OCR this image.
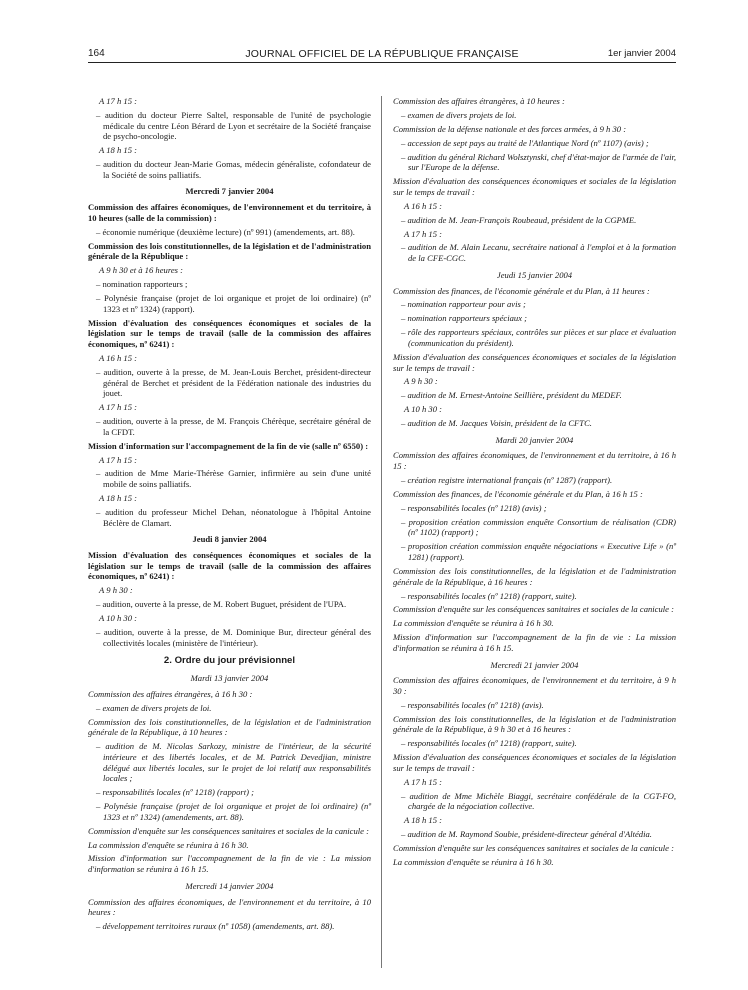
164	JOURNAL OFFICIEL DE LA RÉPUBLIQUE FRANÇAISE	1er janvier 2004

A 17 h 15 :

– audition du docteur Pierre Saltel, responsable de l'unité de psychologie médicale du centre Léon Bérard de Lyon et secrétaire de la Société française de psycho-oncologie.

A 18 h 15 :

– audition du docteur Jean-Marie Gomas, médecin généraliste, cofondateur de la Société de soins palliatifs.

Mercredi 7 janvier 2004

Commission des affaires économiques, de l'environnement et du territoire, à 10 heures (salle de la commission) :

– économie numérique (deuxième lecture) (nº 991) (amendements, art. 88).

Commission des lois constitutionnelles, de la législation et de l'administration générale de la République :

A 9 h 30 et à 16 heures :

– nomination rapporteurs ;

– Polynésie française (projet de loi organique et projet de loi ordinaire) (nº 1323 et nº 1324) (rapport).

Mission d'évaluation des conséquences économiques et sociales de la législation sur le temps de travail (salle de la commission des affaires économiques, nº 6241) :

A 16 h 15 :

– audition, ouverte à la presse, de M. Jean-Louis Berchet, président-directeur général de Berchet et président de la Fédération nationale des industries du jouet.

A 17 h 15 :

– audition, ouverte à la presse, de M. François Chérèque, secrétaire général de la CFDT.

Mission d'information sur l'accompagnement de la fin de vie (salle nº 6550) :

A 17 h 15 :

– audition de Mme Marie-Thérèse Garnier, infirmière au sein d'une unité mobile de soins palliatifs.

A 18 h 15 :

– audition du professeur Michel Dehan, néonatologue à l'hôpital Antoine Béclère de Clamart.

Jeudi 8 janvier 2004

Mission d'évaluation des conséquences économiques et sociales de la législation sur le temps de travail (salle de la commission des affaires économiques, nº 6241) :

A 9 h 30 :

– audition, ouverte à la presse, de M. Robert Buguet, président de l'UPA.

A 10 h 30 :

– audition, ouverte à la presse, de M. Dominique Bur, directeur général des collectivités locales (ministère de l'intérieur).

2. Ordre du jour prévisionnel

Mardi 13 janvier 2004

Commission des affaires étrangères, à 16 h 30 :

– examen de divers projets de loi.

Commission des lois constitutionnelles, de la législation et de l'administration générale de la République, à 10 heures :

– audition de M. Nicolas Sarkozy, ministre de l'intérieur, de la sécurité intérieure et des libertés locales, et de M. Patrick Devedjian, ministre délégué aux libertés locales, sur le projet de loi relatif aux responsabilités locales ;

– responsabilités locales (nº 1218) (rapport) ;

– Polynésie française (projet de loi organique et projet de loi ordinaire) (nº 1323 et nº 1324) (amendements, art. 88).

Commission d'enquête sur les conséquences sanitaires et sociales de la canicule :

La commission d'enquête se réunira à 16 h 30.

Mission d'information sur l'accompagnement de la fin de vie : La mission d'information se réunira à 16 h 15.

Mercredi 14 janvier 2004

Commission des affaires économiques, de l'environnement et du territoire, à 10 heures :

– développement territoires ruraux (nº 1058) (amendements, art. 88).

Commission des affaires étrangères, à 10 heures :

– examen de divers projets de loi.

Commission de la défense nationale et des forces armées, à 9 h 30 :

– accession de sept pays au traité de l'Atlantique Nord (nº 1107) (avis) ;

– audition du général Richard Wolsztynski, chef d'état-major de l'armée de l'air, sur l'Europe de la défense.

Mission d'évaluation des conséquences économiques et sociales de la législation sur le temps de travail :

A 16 h 15 :

– audition de M. Jean-François Roubeaud, président de la CGPME.

A 17 h 15 :

– audition de M. Alain Lecanu, secrétaire national à l'emploi et à la formation de la CFE-CGC.

Jeudi 15 janvier 2004

Commission des finances, de l'économie générale et du Plan, à 11 heures :

– nomination rapporteur pour avis ;

– nomination rapporteurs spéciaux ;

– rôle des rapporteurs spéciaux, contrôles sur pièces et sur place et évaluation (communication du président).

Mission d'évaluation des conséquences économiques et sociales de la législation sur le temps de travail :

A 9 h 30 :

– audition de M. Ernest-Antoine Seillière, président du MEDEF.

A 10 h 30 :

– audition de M. Jacques Voisin, président de la CFTC.

Mardi 20 janvier 2004

Commission des affaires économiques, de l'environnement et du territoire, à 16 h 15 :

– création registre international français (nº 1287) (rapport).

Commission des finances, de l'économie générale et du Plan, à 16 h 15 :

– responsabilités locales (nº 1218) (avis) ;

– proposition création commission enquête Consortium de réalisation (CDR) (nº 1102) (rapport) ;

– proposition création commission enquête négociations « Executive Life » (nº 1281) (rapport).

Commission des lois constitutionnelles, de la législation et de l'administration générale de la République, à 16 heures :

– responsabilités locales (nº 1218) (rapport, suite).

Commission d'enquête sur les conséquences sanitaires et sociales de la canicule :

La commission d'enquête se réunira à 16 h 30.

Mission d'information sur l'accompagnement de la fin de vie : La mission d'information se réunira à 16 h 15.

Mercredi 21 janvier 2004

Commission des affaires économiques, de l'environnement et du territoire, à 9 h 30 :

– responsabilités locales (nº 1218) (avis).

Commission des lois constitutionnelles, de la législation et de l'administration générale de la République, à 9 h 30 et à 16 heures :

– responsabilités locales (nº 1218) (rapport, suite).

Mission d'évaluation des conséquences économiques et sociales de la législation sur le temps de travail :

A 17 h 15 :

– audition de Mme Michèle Biaggi, secrétaire confédérale de la CGT-FO, chargée de la négociation collective.

A 18 h 15 :

– audition de M. Raymond Soubie, président-directeur général d'Altédia.

Commission d'enquête sur les conséquences sanitaires et sociales de la canicule :

La commission d'enquête se réunira à 16 h 30.
